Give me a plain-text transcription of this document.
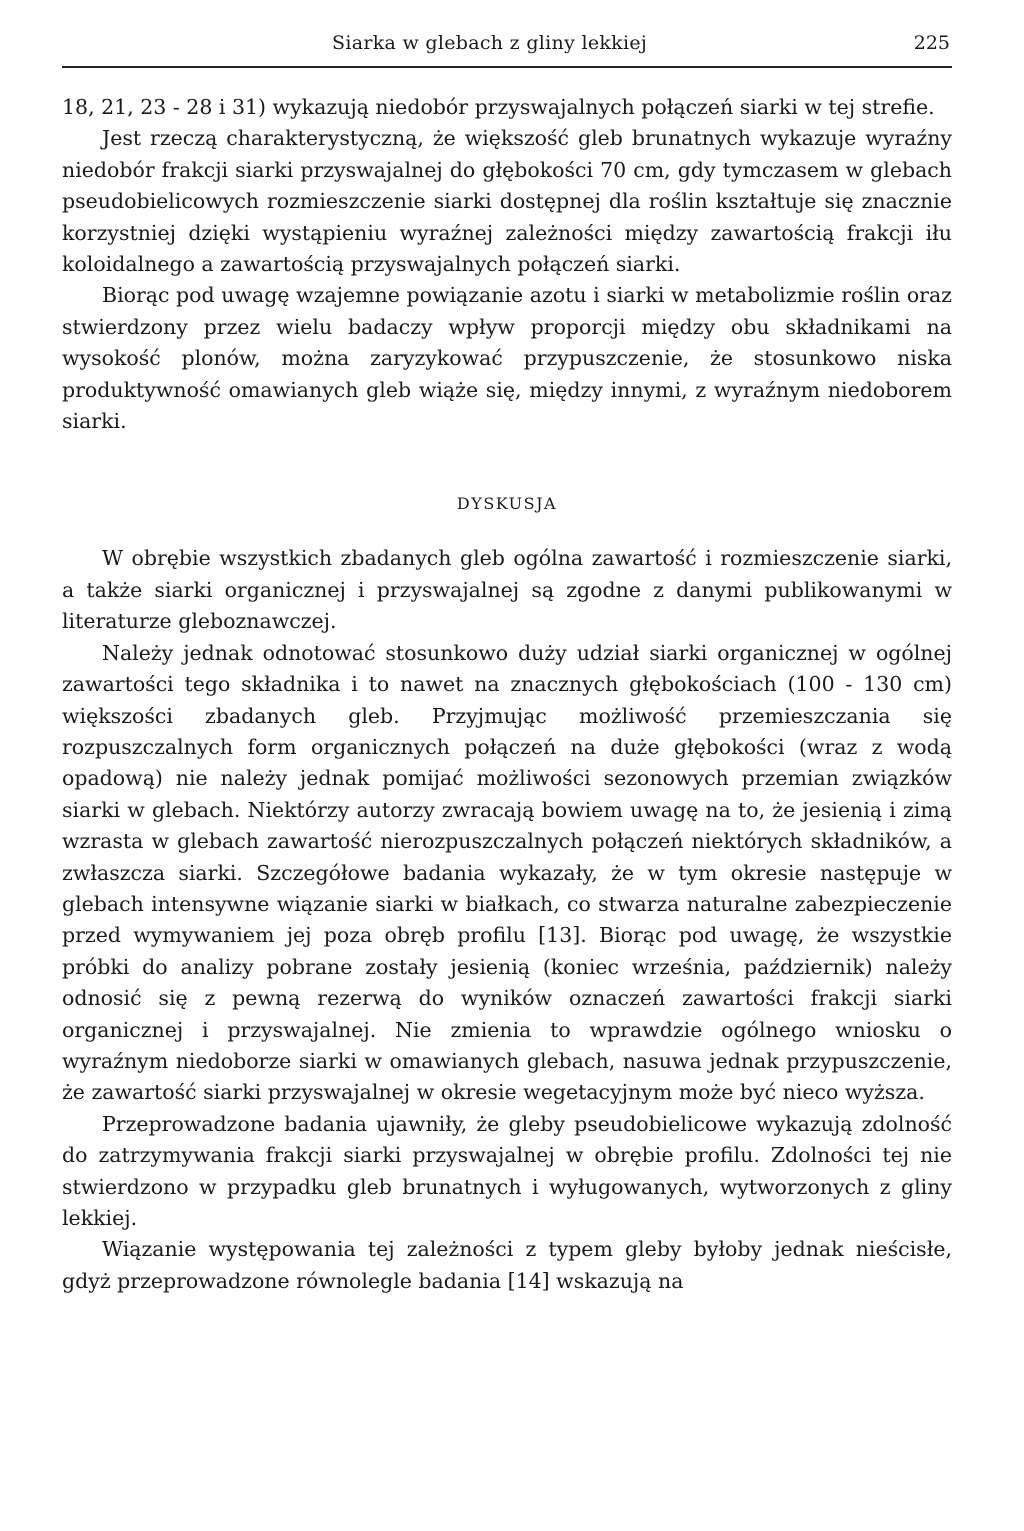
Siarka w glebach z gliny lekkiej	225

18, 21, 23 - 28 i 31) wykazują niedobór przyswajalnych połączeń siarki w tej strefie.

Jest rzeczą charakterystyczną, że większość gleb brunatnych wykazuje wyraźny niedobór frakcji siarki przyswajalnej do głębokości 70 cm, gdy tymczasem w glebach pseudobielicowych rozmieszczenie siarki dostępnej dla roślin kształtuje się znacznie korzystniej dzięki wystąpieniu wyraźnej zależności między zawartością frakcji iłu koloidalnego a zawartością przyswajalnych połączeń siarki.

Biorąc pod uwagę wzajemne powiązanie azotu i siarki w metabolizmie roślin oraz stwierdzony przez wielu badaczy wpływ proporcji między obu składnikami na wysokość plonów, można zaryzykować przypuszczenie, że stosunkowo niska produktywność omawianych gleb wiąże się, między innymi, z wyraźnym niedoborem siarki.

DYSKUSJA

W obrębie wszystkich zbadanych gleb ogólna zawartość i rozmieszczenie siarki, a także siarki organicznej i przyswajalnej są zgodne z danymi publikowanymi w literaturze gleboznawczej.

Należy jednak odnotować stosunkowo duży udział siarki organicznej w ogólnej zawartości tego składnika i to nawet na znacznych głębokościach (100 - 130 cm) większości zbadanych gleb. Przyjmując możliwość przemieszczania się rozpuszczalnych form organicznych połączeń na duże głębokości (wraz z wodą opadową) nie należy jednak pomijać możliwości sezonowych przemian związków siarki w glebach. Niektórzy autorzy zwracają bowiem uwagę na to, że jesienią i zimą wzrasta w glebach zawartość nierozpuszczalnych połączeń niektórych składników, a zwłaszcza siarki. Szczegółowe badania wykazały, że w tym okresie następuje w glebach intensywne wiązanie siarki w białkach, co stwarza naturalne zabezpieczenie przed wymywaniem jej poza obręb profilu [13]. Biorąc pod uwagę, że wszystkie próbki do analizy pobrane zostały jesienią (koniec września, październik) należy odnosić się z pewną rezerwą do wyników oznaczeń zawartości frakcji siarki organicznej i przyswajalnej. Nie zmienia to wprawdzie ogólnego wniosku o wyraźnym niedoborze siarki w omawianych glebach, nasuwa jednak przypuszczenie, że zawartość siarki przyswajalnej w okresie wegetacyjnym może być nieco wyższa.

Przeprowadzone badania ujawniły, że gleby pseudobielicowe wykazują zdolność do zatrzymywania frakcji siarki przyswajalnej w obrębie profilu. Zdolności tej nie stwierdzono w przypadku gleb brunatnych i wyługowanych, wytworzonych z gliny lekkiej.

Wiązanie występowania tej zależności z typem gleby byłoby jednak nieścisłe, gdyż przeprowadzone równolegle badania [14] wskazują na
